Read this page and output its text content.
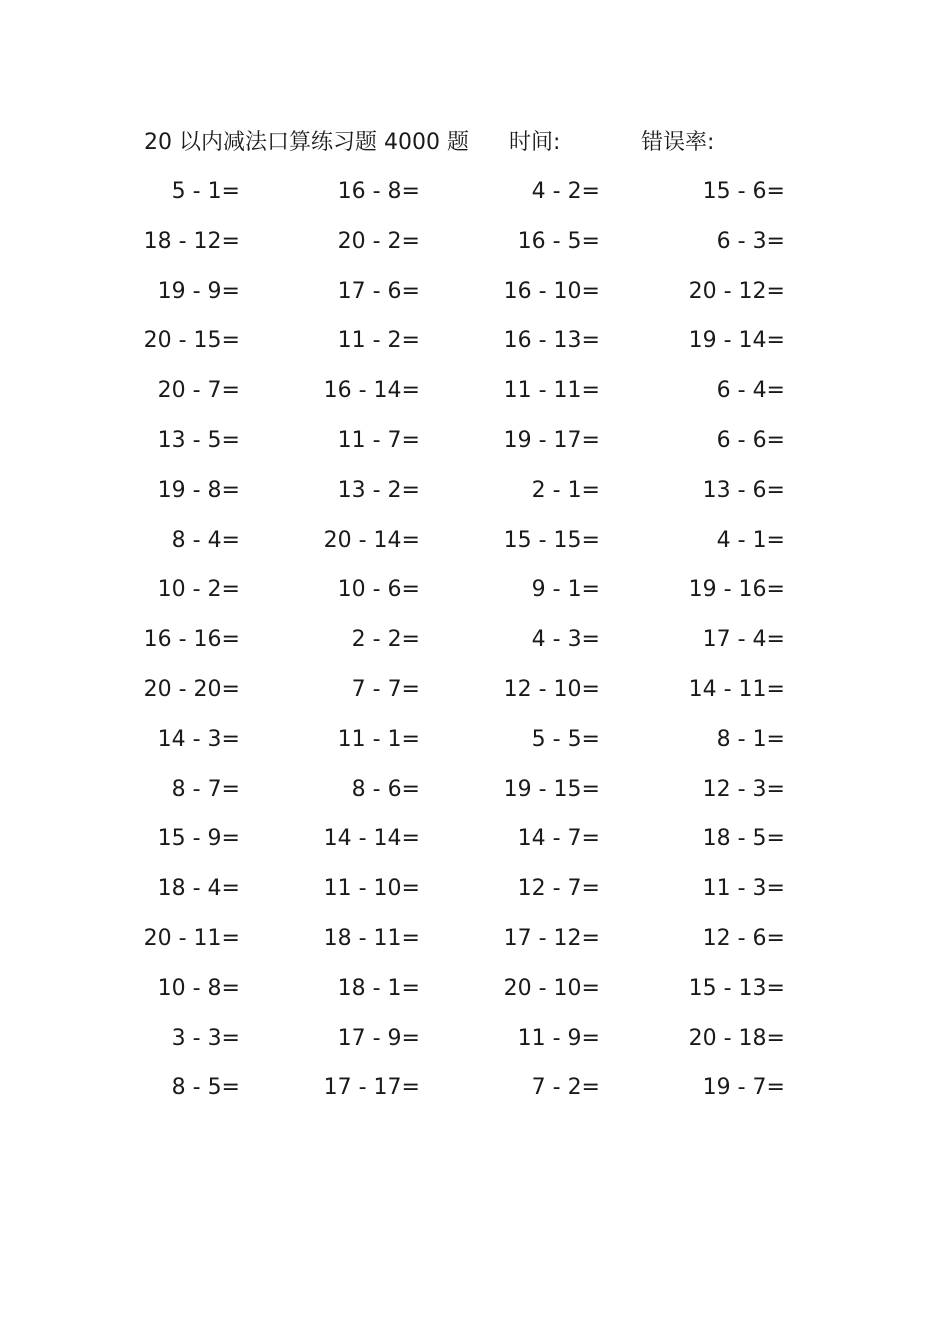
20 以内减法口算练习题 4000 题 时间:	错误率:
5 - 1=	16 - 8=	4 - 2=	15 - 6=
18 - 12=	20 - 2=	16 - 5=	6 - 3=
19 - 9=	17 - 6=	16 - 10=	20 - 12=
20 - 15=	11 - 2=	16 - 13=	19 - 14=
20 - 7=	16 - 14=	11 - 11=	6 - 4=
13 - 5=	11 - 7=	19 - 17=	6 - 6=
19 - 8=	13 - 2=	2 - 1=	13 - 6=
8 - 4=	20 - 14=	15 - 15=	4 - 1=
10 - 2=	10 - 6=	9 - 1=	19 - 16=
16 - 16=	2 - 2=	4 - 3=	17 - 4=
20 - 20=	7 - 7=	12 - 10=	14 - 11=
14 - 3=	11 - 1=	5 - 5=	8 - 1=
8 - 7=	8 - 6=	19 - 15=	12 - 3=
15 - 9=	14 - 14=	14 - 7=	18 - 5=
18 - 4=	11 - 10=	12 - 7=	11 - 3=
20 - 11=	18 - 11=	17 - 12=	12 - 6=
10 - 8=	18 - 1=	20 - 10=	15 - 13=
3 - 3=	17 - 9=	11 - 9=	20 - 18=
8 - 5=	17 - 17=	7 - 2=	19 - 7=
